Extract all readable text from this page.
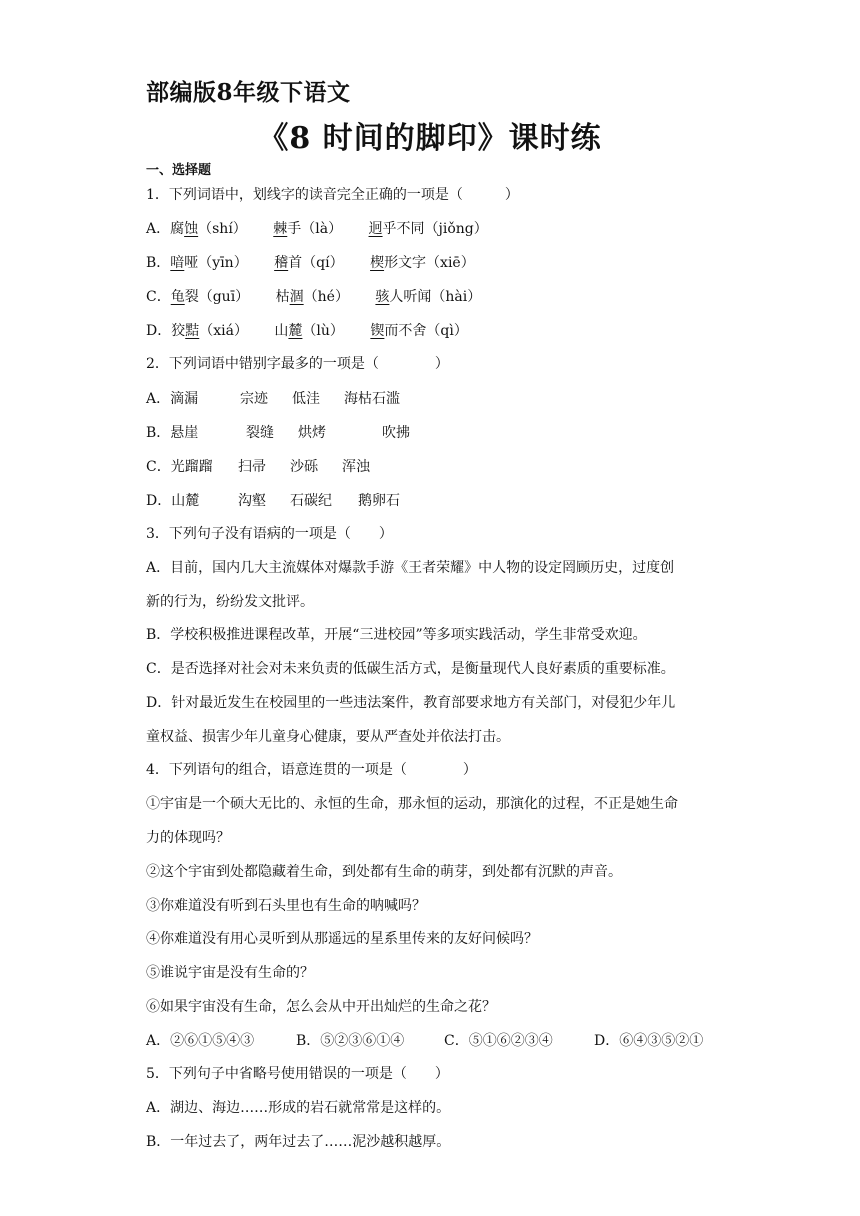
部编版8年级下语文
《8 时间的脚印》课时练
一、选择题
1．下列词语中，划线字的读音完全正确的一项是（　　　）
A．腐蚀（shí） 棘手（là） 迥乎不同（jiǒng）
B．喑哑（yīn） 稽首（qí） 楔形文字（xiē）
C．龟裂（guī） 枯涸（hé） 骇人听闻（hài）
D．狡黠（xiá） 山麓（lù） 锲而不舍（qì）
2．下列词语中错别字最多的一项是（　　　　）
A．滴漏	宗迹 低洼 海枯石滥
B．悬崖	裂缝 烘烤	吹拂
C．光蹓蹓 扫帚 沙砾 浑浊
D．山麓	沟壑 石碳纪 鹅卵石
3．下列句子没有语病的一项是（　　）
A．目前，国内几大主流媒体对爆款手游《王者荣耀》中人物的设定罔顾历史，过度创
新的行为，纷纷发文批评。
B．学校积极推进课程改革，开展“三进校园”等多项实践活动，学生非常受欢迎。
C．是否选择对社会对未来负责的低碳生活方式，是衡量现代人良好素质的重要标准。
D．针对最近发生在校园里的一些违法案件，教育部要求地方有关部门，对侵犯少年儿
童权益、损害少年儿童身心健康，要从严查处并依法打击。
4．下列语句的组合，语意连贯的一项是（　　　　）
①宇宙是一个硕大无比的、永恒的生命，那永恒的运动，那演化的过程，不正是她生命
力的体现吗？
②这个宇宙到处都隐藏着生命，到处都有生命的萌芽，到处都有沉默的声音。
③你难道没有听到石头里也有生命的呐喊吗？
④你难道没有用心灵听到从那遥远的星系里传来的友好问候吗？
⑤谁说宇宙是没有生命的？
⑥如果宇宙没有生命，怎么会从中开出灿烂的生命之花？
A．②⑥①⑤④③	B．⑤②③⑥①④	C．⑤①⑥②③④	D．⑥④③⑤②①
5．下列句子中省略号使用错误的一项是（　　）
A．湖边、海边……形成的岩石就常常是这样的。
B．一年过去了，两年过去了……泥沙越积越厚。
